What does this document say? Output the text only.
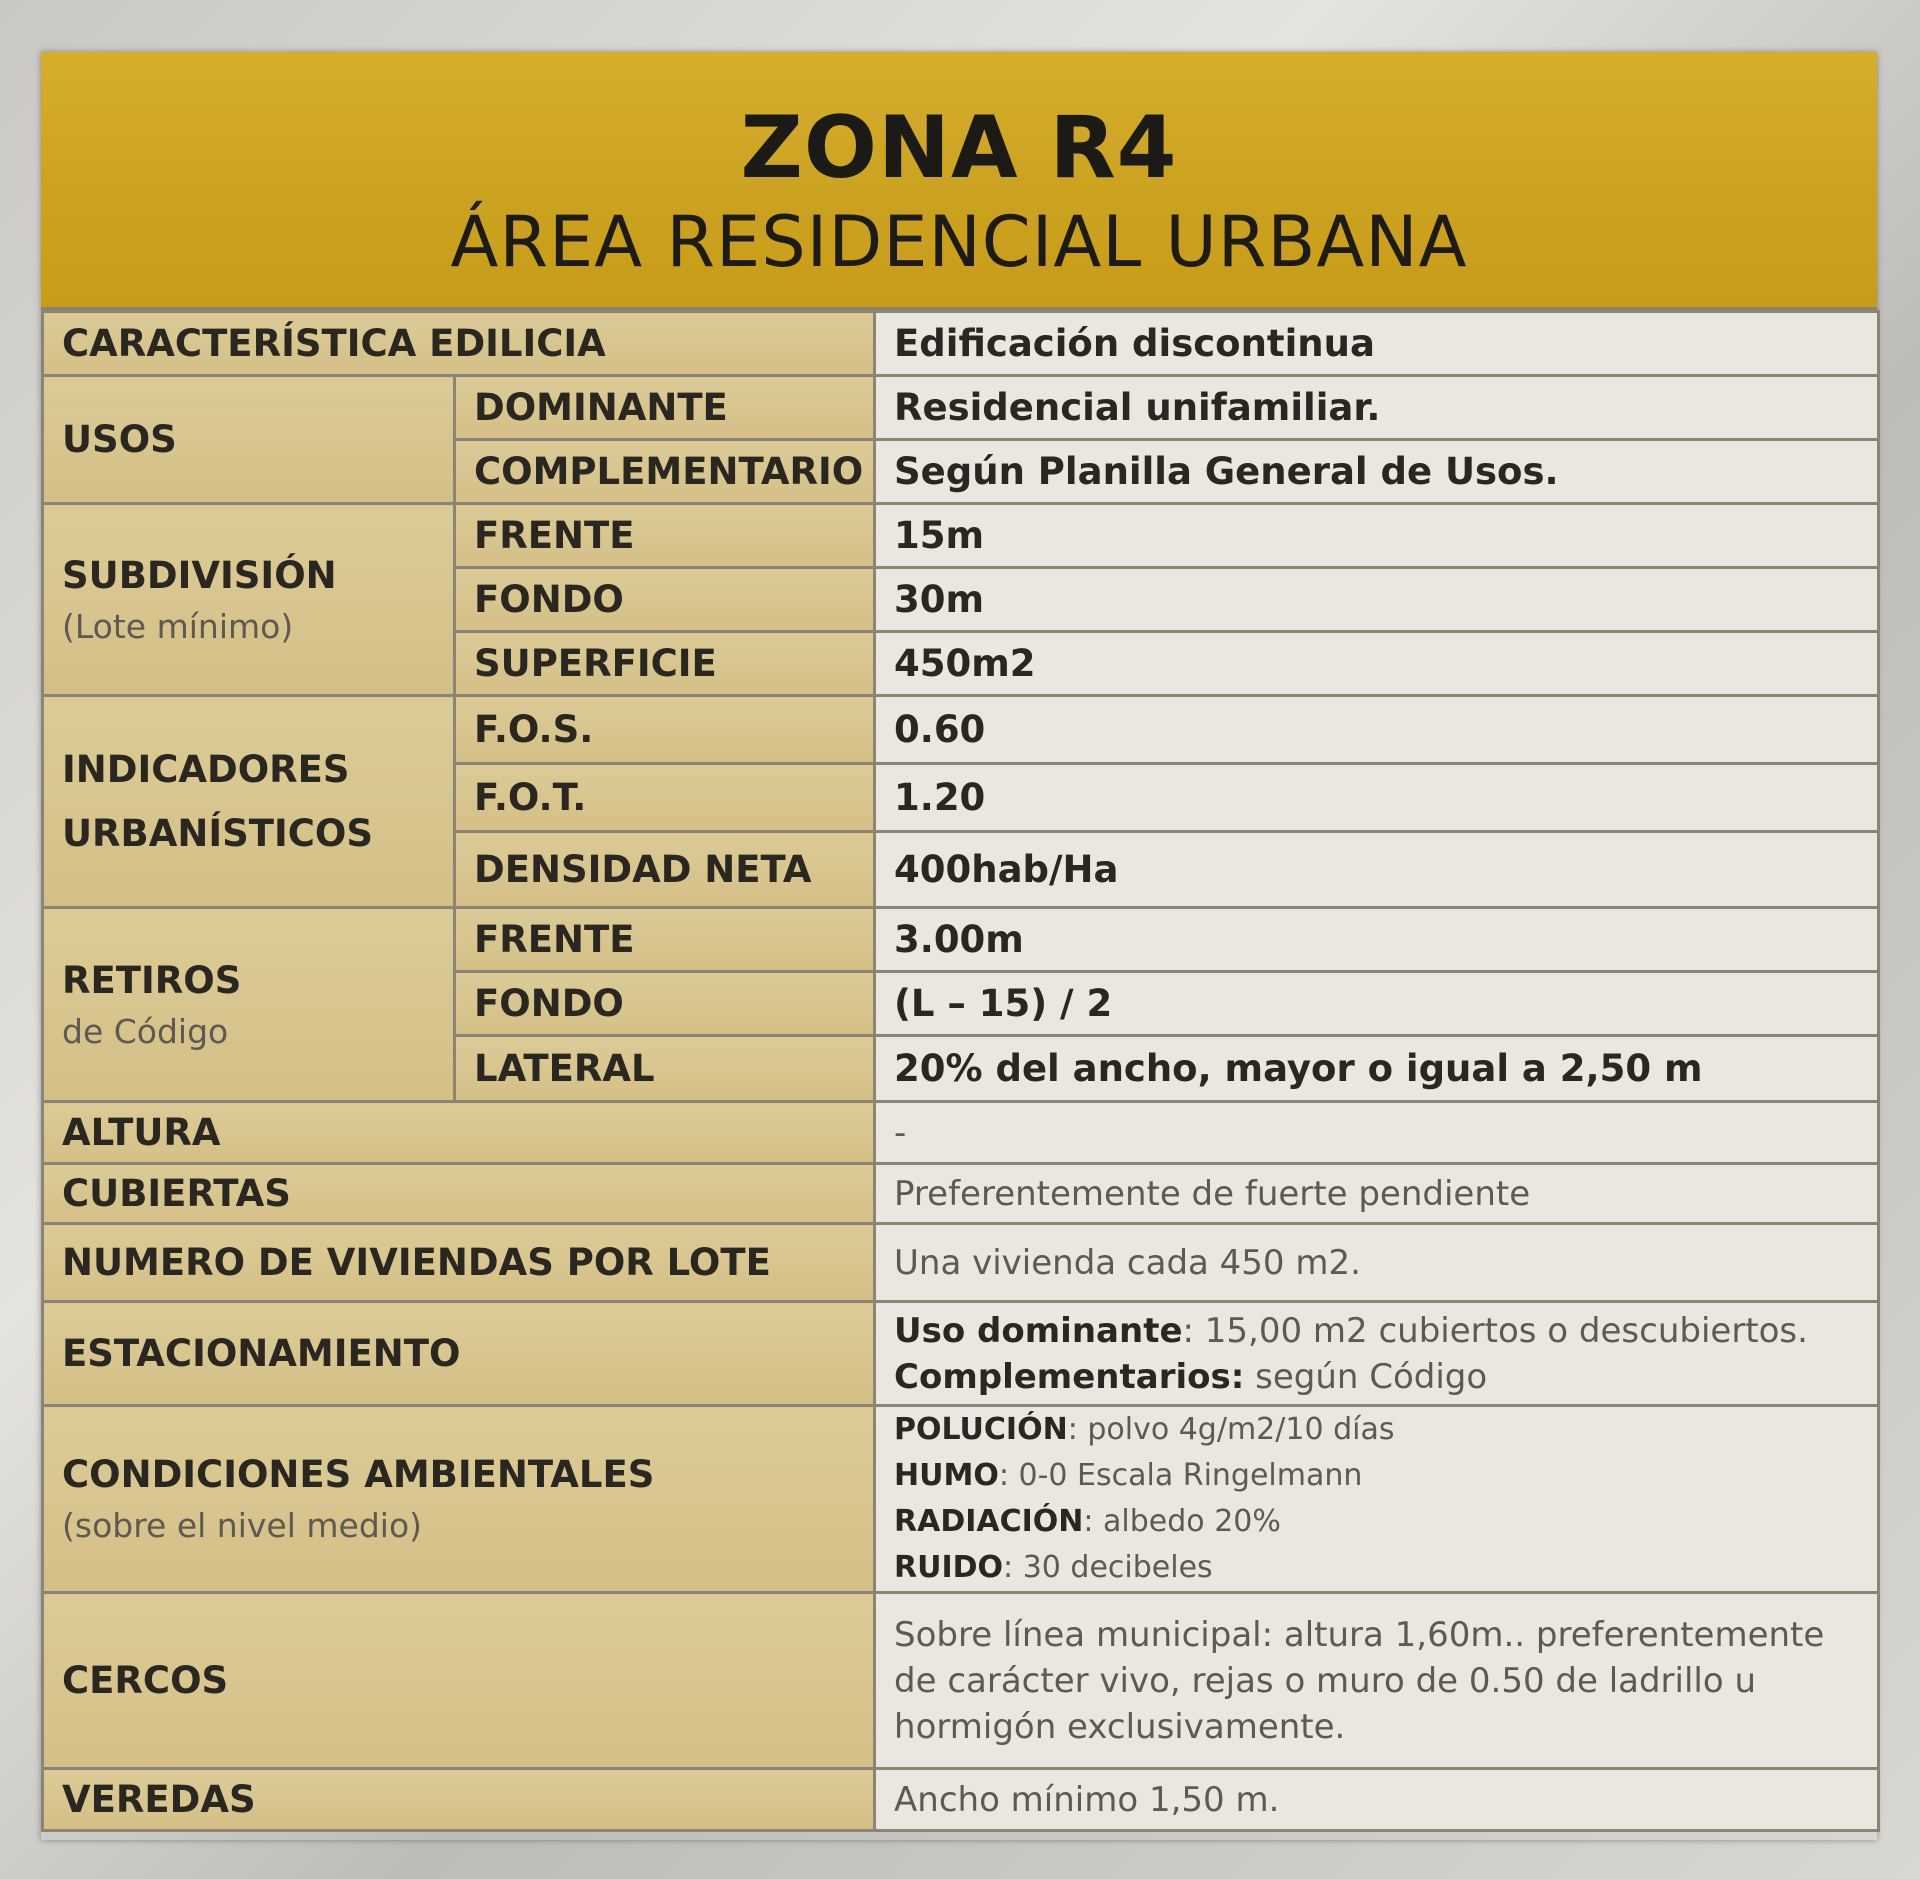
ZONA R4
ÁREA RESIDENCIAL URBANA
CARACTERÍSTICA EDILICIA		Edificación discontinua
USOS	DOMINANTE	Residencial unifamiliar.
	COMPLEMENTARIO	Según Planilla General de Usos.
SUBDIVISIÓN
(Lote mínimo)	FRENTE	15m
	FONDO	30m
	SUPERFICIE	450m2

INDICADORES
URBANÍSTICOS	F.O.S.	0.60
	F.O.T.	1.20
	DENSIDAD NETA	400hab/Ha
RETIROS
de Código	FRENTE	3.00m
	FONDO	(L – 15) / 2
	LATERAL	20% del ancho, mayor o igual a 2,50 m
ALTURA		-
CUBIERTAS		Preferentemente de fuerte pendiente
NUMERO DE VIVIENDAS POR LOTE		Una vivienda cada 450 m2.
ESTACIONAMIENTO		Uso dominante: 15,00 m2 cubiertos o descubiertos.
Complementarios: según Código

CONDICIONES AMBIENTALES
(sobre el nivel medio)		POLUCIÓN: polvo 4g/m2/10 días
HUMO: 0-0 Escala Ringelmann
RADIACIÓN: albedo 20%
RUIDO: 30 decibeles

CERCOS		Sobre línea municipal: altura 1,60m.. preferentemente de carácter vivo, rejas o muro de 0.50 de ladrillo u hormigón exclusivamente.
VEREDAS		Ancho mínimo 1,50 m.
